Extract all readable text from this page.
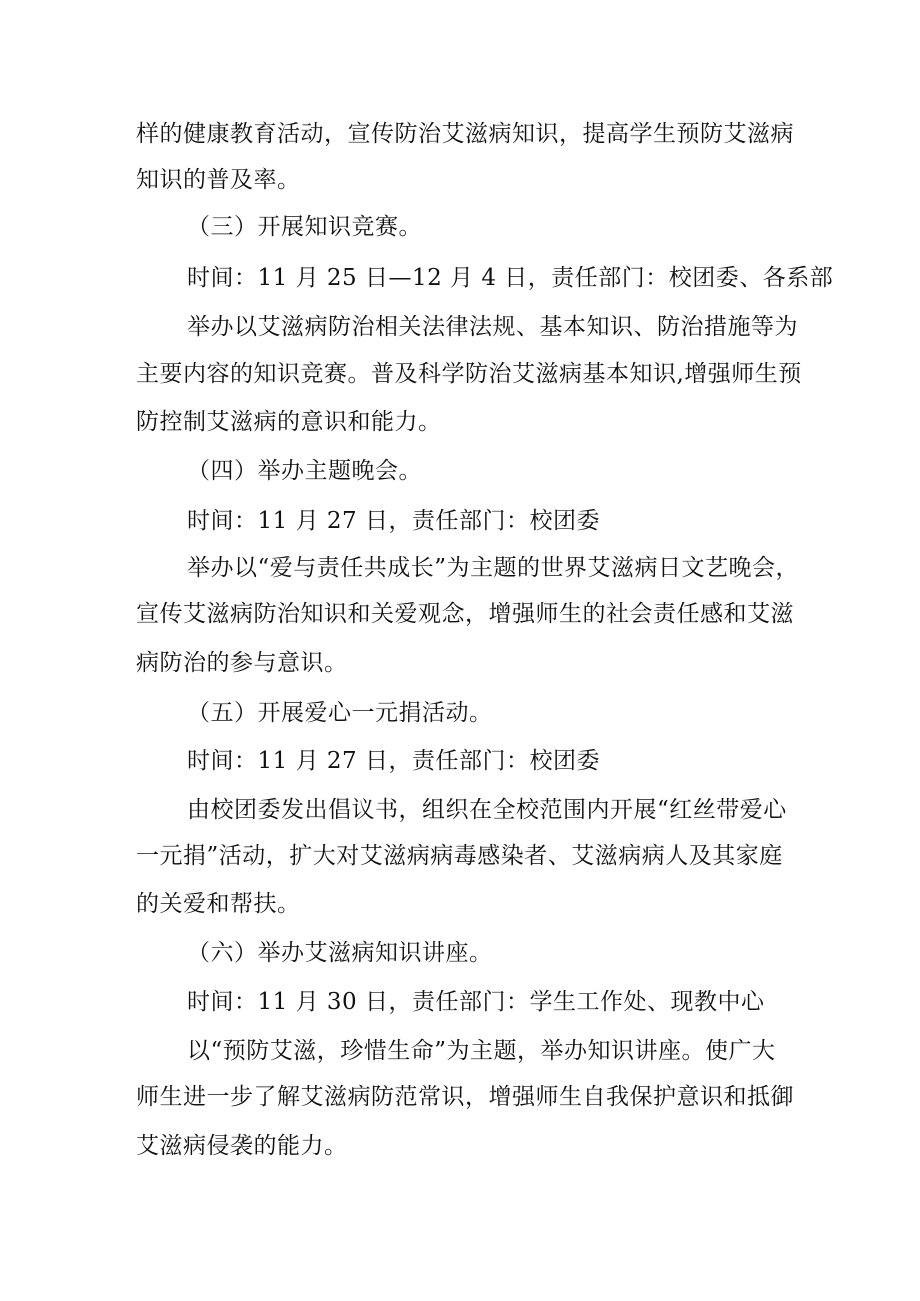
样的健康教育活动，宣传防治艾滋病知识，提高学生预防艾滋病
知识的普及率。
（三）开展知识竞赛。
时间：11 月 25 日—12 月 4 日，责任部门：校团委、各系部
举办以艾滋病防治相关法律法规、基本知识、防治措施等为
主要内容的知识竞赛。普及科学防治艾滋病基本知识,增强师生预
防控制艾滋病的意识和能力。
（四）举办主题晚会。
时间：11 月 27 日，责任部门：校团委
举办以“爱与责任共成长”为主题的世界艾滋病日文艺晚会，
宣传艾滋病防治知识和关爱观念，增强师生的社会责任感和艾滋
病防治的参与意识。
（五）开展爱心一元捐活动。
时间：11 月 27 日，责任部门：校团委
由校团委发出倡议书，组织在全校范围内开展“红丝带爱心
一元捐”活动，扩大对艾滋病病毒感染者、艾滋病病人及其家庭
的关爱和帮扶。
（六）举办艾滋病知识讲座。
时间：11 月 30 日，责任部门：学生工作处、现教中心
以“预防艾滋，珍惜生命”为主题，举办知识讲座。使广大
师生进一步了解艾滋病防范常识，增强师生自我保护意识和抵御
艾滋病侵袭的能力。
